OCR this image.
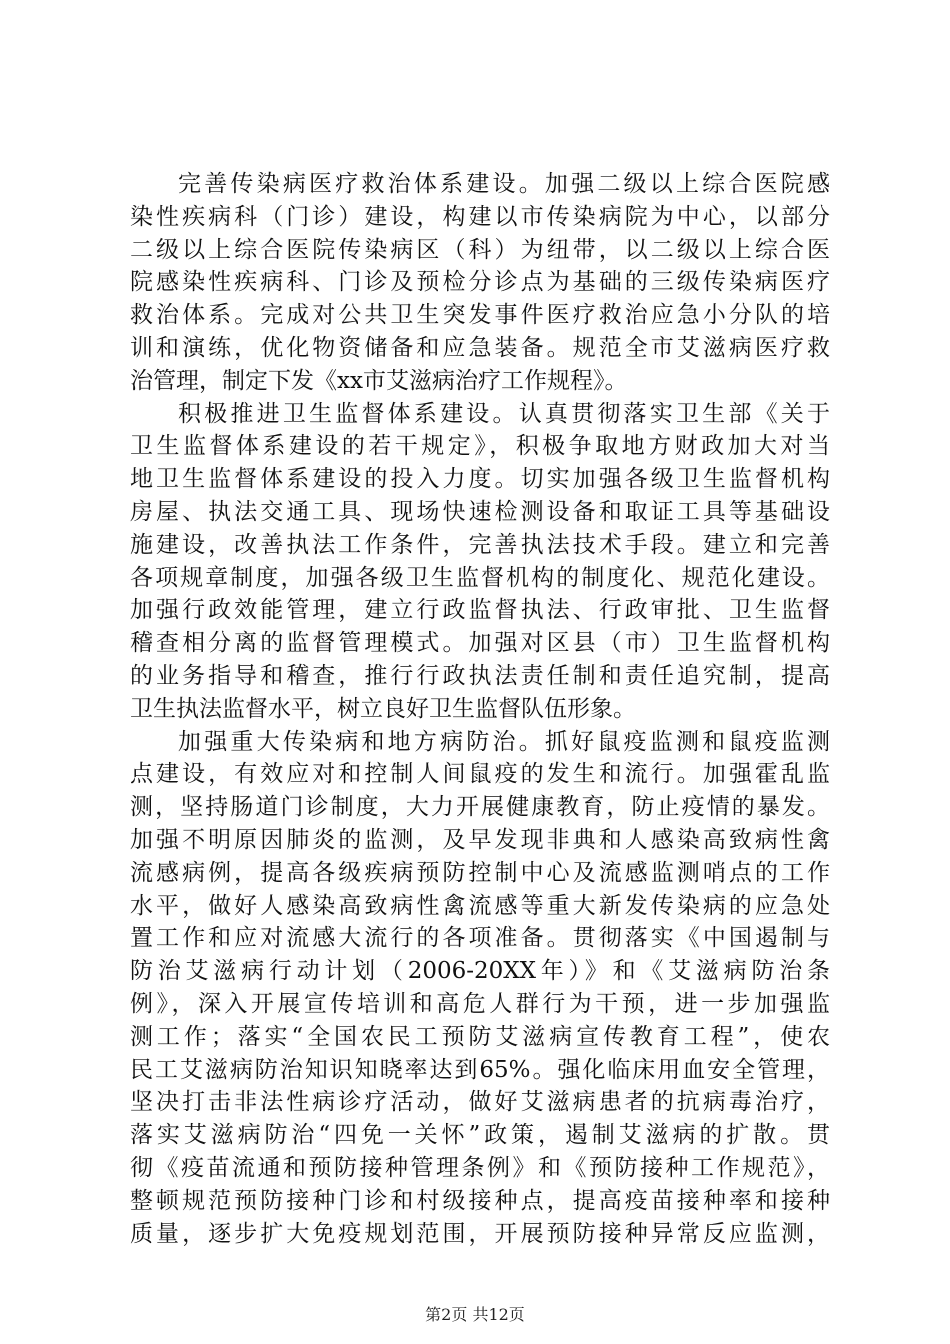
完善传染病医疗救治体系建设。加强二级以上综合医院感
染性疾病科（门诊）建设，构建以市传染病院为中心，以部分
二级以上综合医院传染病区（科）为纽带，以二级以上综合医
院感染性疾病科、门诊及预检分诊点为基础的三级传染病医疗
救治体系。完成对公共卫生突发事件医疗救治应急小分队的培
训和演练，优化物资储备和应急装备。规范全市艾滋病医疗救
治管理，制定下发《xx市艾滋病治疗工作规程》。
积极推进卫生监督体系建设。认真贯彻落实卫生部《关于
卫生监督体系建设的若干规定》，积极争取地方财政加大对当
地卫生监督体系建设的投入力度。切实加强各级卫生监督机构
房屋、执法交通工具、现场快速检测设备和取证工具等基础设
施建设，改善执法工作条件，完善执法技术手段。建立和完善
各项规章制度，加强各级卫生监督机构的制度化、规范化建设。
加强行政效能管理，建立行政监督执法、行政审批、卫生监督
稽查相分离的监督管理模式。加强对区县（市）卫生监督机构
的业务指导和稽查，推行行政执法责任制和责任追究制，提高
卫生执法监督水平，树立良好卫生监督队伍形象。
加强重大传染病和地方病防治。抓好鼠疫监测和鼠疫监测
点建设，有效应对和控制人间鼠疫的发生和流行。加强霍乱监
测，坚持肠道门诊制度，大力开展健康教育，防止疫情的暴发。
加强不明原因肺炎的监测，及早发现非典和人感染高致病性禽
流感病例，提高各级疾病预防控制中心及流感监测哨点的工作
水平，做好人感染高致病性禽流感等重大新发传染病的应急处
置工作和应对流感大流行的各项准备。贯彻落实《中国遏制与
防治艾滋病行动计划（2006-20XX年）》和《艾滋病防治条
例》，深入开展宣传培训和高危人群行为干预，进一步加强监
测工作；落实“全国农民工预防艾滋病宣传教育工程”，使农
民工艾滋病防治知识知晓率达到65%。强化临床用血安全管理，
坚决打击非法性病诊疗活动，做好艾滋病患者的抗病毒治疗，
落实艾滋病防治“四免一关怀”政策，遏制艾滋病的扩散。贯
彻《疫苗流通和预防接种管理条例》和《预防接种工作规范》，
整顿规范预防接种门诊和村级接种点，提高疫苗接种率和接种
质量，逐步扩大免疫规划范围，开展预防接种异常反应监测，
第2页 共12页
